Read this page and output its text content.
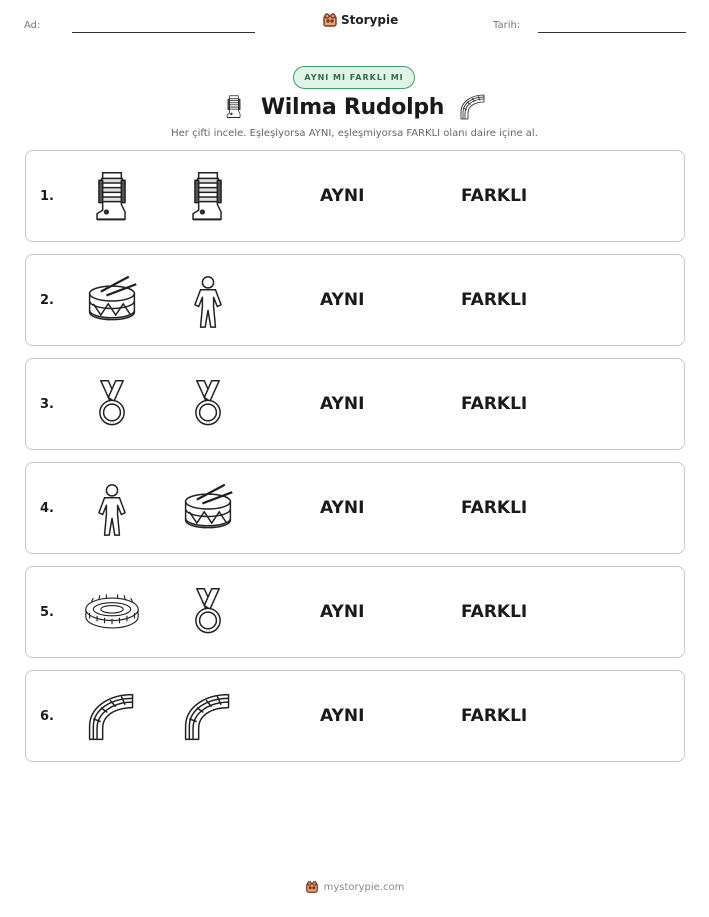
Ad:	Storypie	Tarih:
AYNI MI FARKLI MI
Wilma Rudolph
Her çifti incele. Eşleşiyorsa AYNI, eşleşmiyorsa FARKLI olanı daire içine al.
1.	AYNI	FARKLI
2.	AYNI	FARKLI
3.	AYNI	FARKLI
4.	AYNI	FARKLI
5.	AYNI	FARKLI
6.	AYNI	FARKLI
mystorypie.com
